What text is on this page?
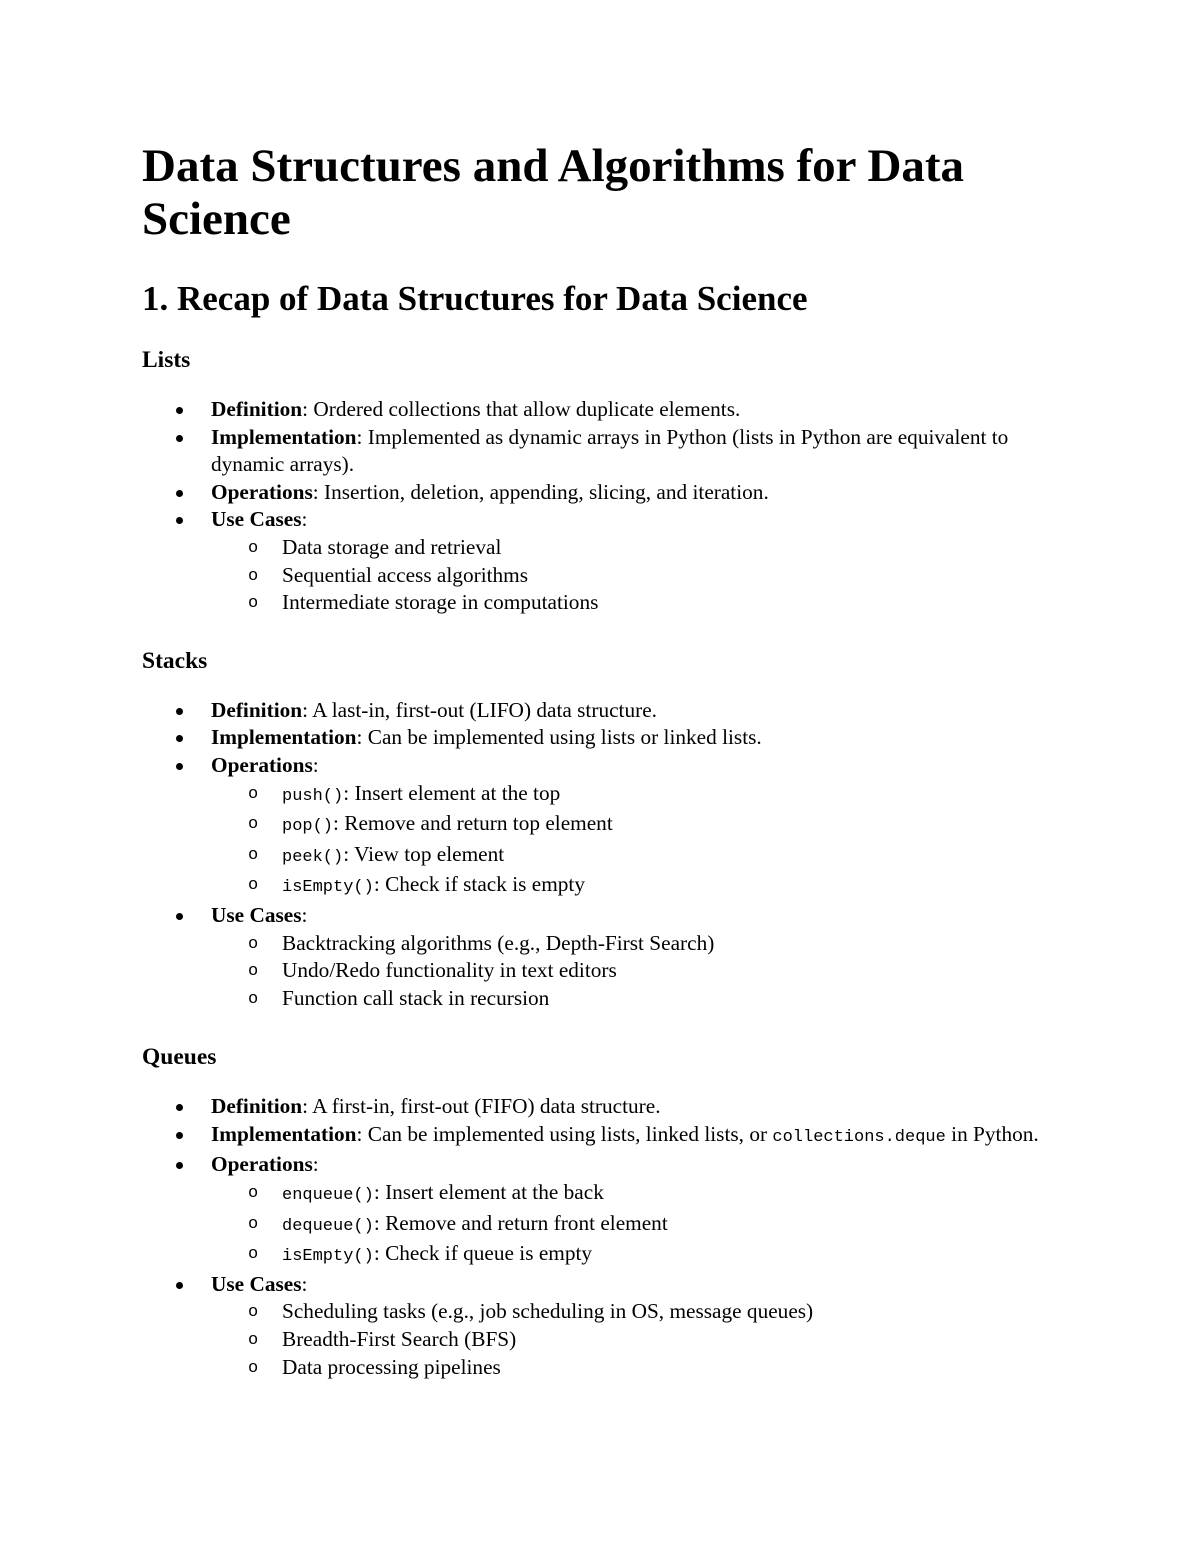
Data Structures and Algorithms for Data
Science
1. Recap of Data Structures for Data Science
Lists
Definition: Ordered collections that allow duplicate elements.
Implementation: Implemented as dynamic arrays in Python (lists in Python are equivalent to dynamic arrays).
Operations: Insertion, deletion, appending, slicing, and iteration.
Use Cases:
o Data storage and retrieval
o Sequential access algorithms
o Intermediate storage in computations
Stacks
Definition: A last-in, first-out (LIFO) data structure.
Implementation: Can be implemented using lists or linked lists.
Operations:
o push(): Insert element at the top
o pop(): Remove and return top element
o peek(): View top element
o isEmpty(): Check if stack is empty
Use Cases:
o Backtracking algorithms (e.g., Depth-First Search)
o Undo/Redo functionality in text editors
o Function call stack in recursion
Queues
Definition: A first-in, first-out (FIFO) data structure.
Implementation: Can be implemented using lists, linked lists, or collections.deque in Python.
Operations:
o enqueue(): Insert element at the back
o dequeue(): Remove and return front element
o isEmpty(): Check if queue is empty
Use Cases:
o Scheduling tasks (e.g., job scheduling in OS, message queues)
o Breadth-First Search (BFS)
o Data processing pipelines
